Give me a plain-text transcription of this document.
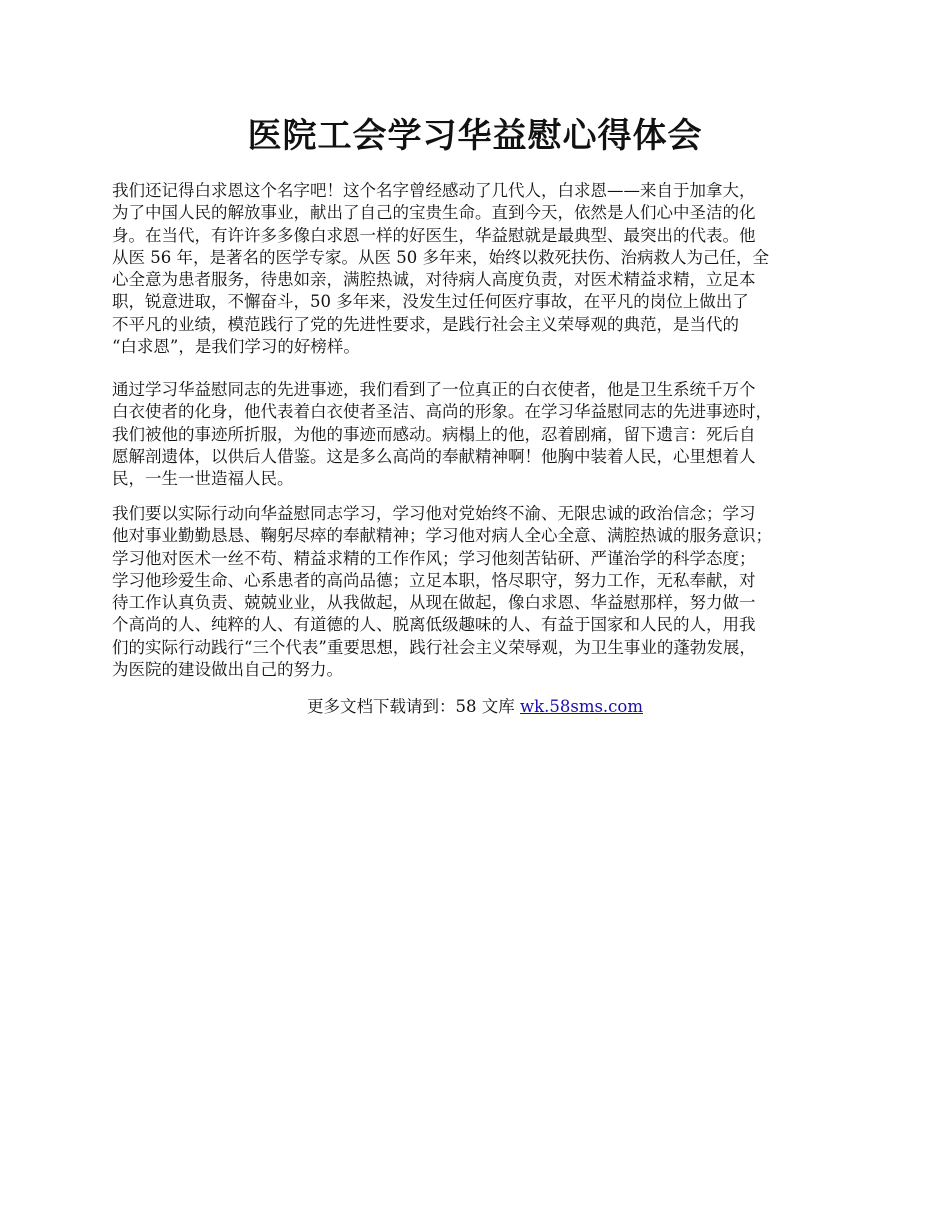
医院工会学习华益慰心得体会

我们还记得白求恩这个名字吧！这个名字曾经感动了几代人，白求恩——来自于加拿大，
为了中国人民的解放事业，献出了自己的宝贵生命。直到今天，依然是人们心中圣洁的化
身。在当代，有许许多多像白求恩一样的好医生，华益慰就是最典型、最突出的代表。他
从医 56 年，是著名的医学专家。从医 50 多年来，始终以救死扶伤、治病救人为己任，全
心全意为患者服务，待患如亲，满腔热诚，对待病人高度负责，对医术精益求精，立足本
职，锐意进取，不懈奋斗，50 多年来，没发生过任何医疗事故，在平凡的岗位上做出了
不平凡的业绩，模范践行了党的先进性要求，是践行社会主义荣辱观的典范，是当代的
“白求恩”，是我们学习的好榜样。

通过学习华益慰同志的先进事迹，我们看到了一位真正的白衣使者，他是卫生系统千万个
白衣使者的化身，他代表着白衣使者圣洁、高尚的形象。在学习华益慰同志的先进事迹时，
我们被他的事迹所折服，为他的事迹而感动。病榻上的他，忍着剧痛，留下遗言：死后自
愿解剖遗体，以供后人借鉴。这是多么高尚的奉献精神啊！他胸中装着人民，心里想着人
民，一生一世造福人民。

我们要以实际行动向华益慰同志学习，学习他对党始终不渝、无限忠诚的政治信念；学习
他对事业勤勤恳恳、鞠躬尽瘁的奉献精神；学习他对病人全心全意、满腔热诚的服务意识；
学习他对医术一丝不苟、精益求精的工作作风；学习他刻苦钻研、严谨治学的科学态度；
学习他珍爱生命、心系患者的高尚品德；立足本职，恪尽职守，努力工作，无私奉献，对
待工作认真负责、兢兢业业，从我做起，从现在做起，像白求恩、华益慰那样，努力做一
个高尚的人、纯粹的人、有道德的人、脱离低级趣味的人、有益于国家和人民的人，用我
们的实际行动践行“三个代表”重要思想，践行社会主义荣辱观，为卫生事业的蓬勃发展，
为医院的建设做出自己的努力。

更多文档下载请到：58 文库 wk.58sms.com
